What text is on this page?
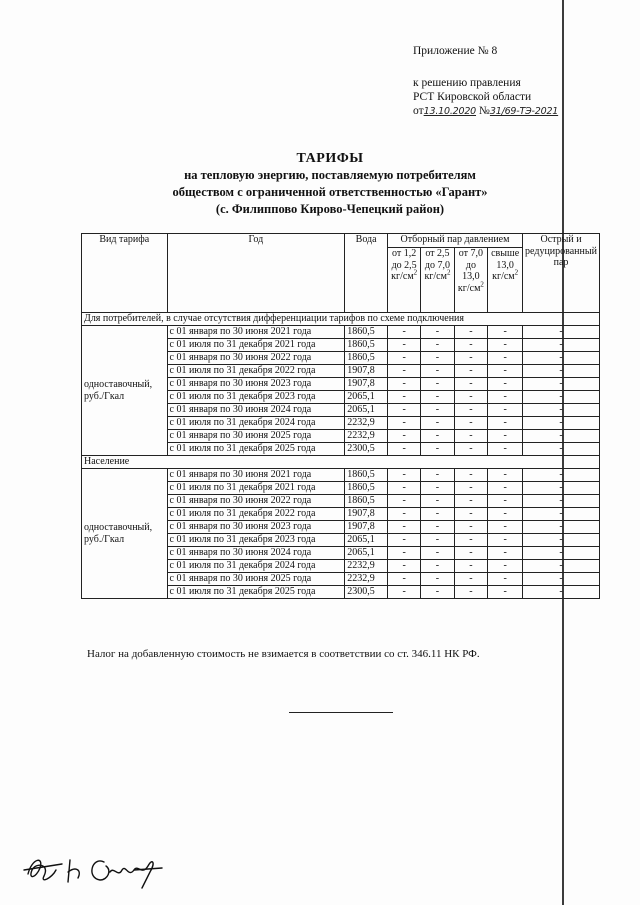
Приложение № 8
к решению правления
РСТ Кировской области
от13.10.2020 №31/69-ТЭ-2021
ТАРИФЫ
на тепловую энергию, поставляемую потребителям
обществом с ограниченной ответственностью «Гарант»
(с. Филиппово Кирово-Чепецкий район)
Вид тарифа	Год	Вода	Отборный пар давлением				Острый и редуцированный пар
			от 1,2 до 2,5 $кг/см^2$	от 2,5 до 7,0 $кг/см^2$	от 7,0 до 13,0 $кг/см^2$	свыше 13,0 $кг/см^2$
Для потребителей, в случае отсутствия дифференциации тарифов по схеме подключения							
одноставочный, руб./Гкал	с 01 января по 30 июня 2021 года	1860,5	-	-	-	-	-
	с 01 июля по 31 декабря 2021 года	1860,5	-	-	-	-	-
	с 01 января по 30 июня 2022 года	1860,5	-	-	-	-	-
	с 01 июля по 31 декабря 2022 года	1907,8	-	-	-	-	-
	с 01 января по 30 июня 2023 года	1907,8	-	-	-	-	-
	с 01 июля по 31 декабря 2023 года	2065,1	-	-	-	-	-
	с 01 января по 30 июня 2024 года	2065,1	-	-	-	-	-
	с 01 июля по 31 декабря 2024 года	2232,9	-	-	-	-	-
	с 01 января по 30 июня 2025 года	2232,9	-	-	-	-	-
	с 01 июля по 31 декабря 2025 года	2300,5	-	-	-	-	-
Население							
одноставочный, руб./Гкал	с 01 января по 30 июня 2021 года	1860,5	-	-	-	-	-
	с 01 июля по 31 декабря 2021 года	1860,5	-	-	-	-	-
	с 01 января по 30 июня 2022 года	1860,5	-	-	-	-	-
	с 01 июля по 31 декабря 2022 года	1907,8	-	-	-	-	-
	с 01 января по 30 июня 2023 года	1907,8	-	-	-	-	-
	с 01 июля по 31 декабря 2023 года	2065,1	-	-	-	-	-
	с 01 января по 30 июня 2024 года	2065,1	-	-	-	-	-
	с 01 июля по 31 декабря 2024 года	2232,9	-	-	-	-	-
	с 01 января по 30 июня 2025 года	2232,9	-	-	-	-	-
	с 01 июля по 31 декабря 2025 года	2300,5	-	-	-	-	-
Налог на добавленную стоимость не взимается в соответствии со ст. 346.11 НК РФ.
